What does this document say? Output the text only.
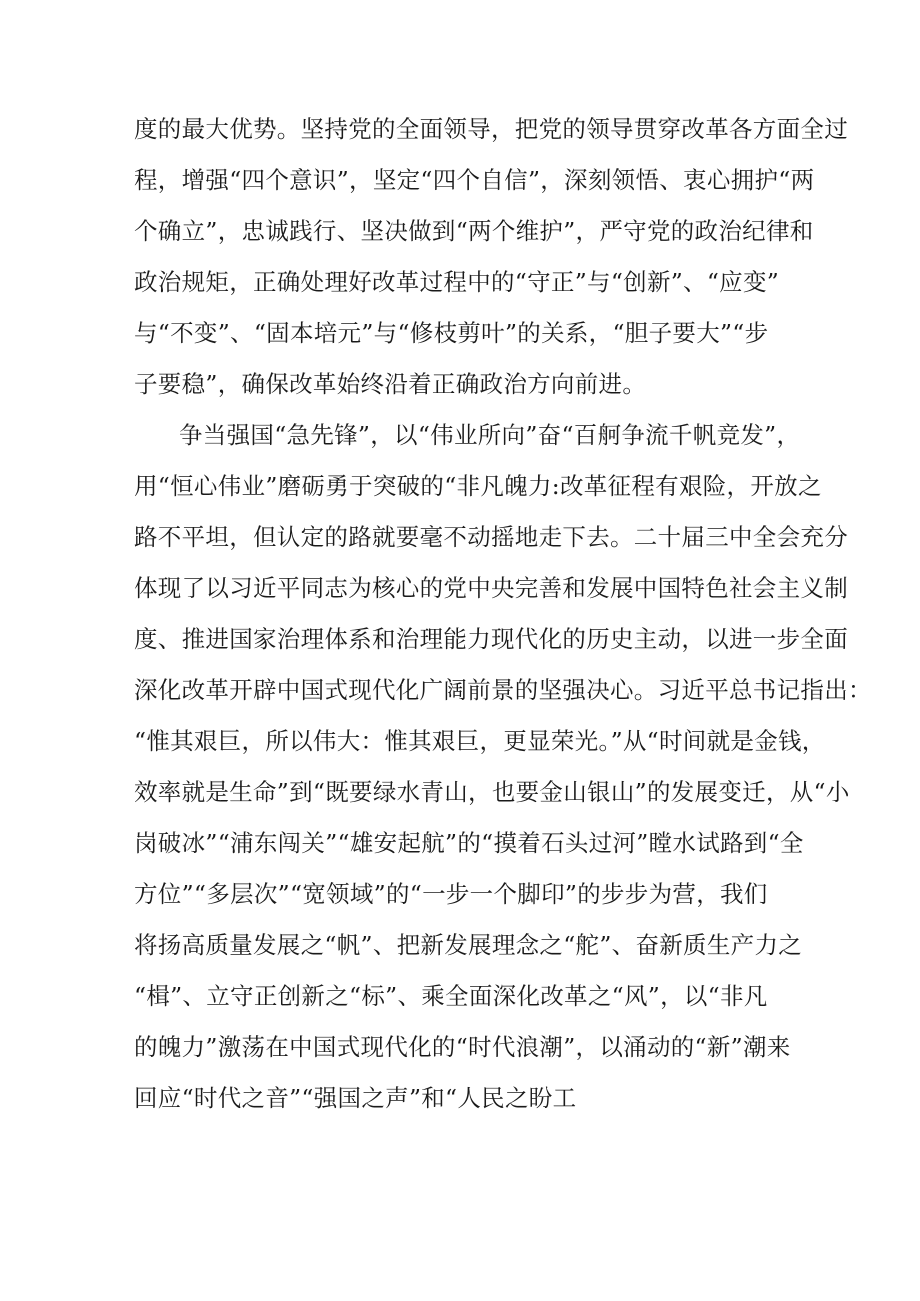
度的最大优势。坚持党的全面领导，把党的领导贯穿改革各方面全过
程，增强“四个意识”，坚定“四个自信”，深刻领悟、衷心拥护“两
个确立”，忠诚践行、坚决做到“两个维护”，严守党的政治纪律和
政治规矩，正确处理好改革过程中的“守正”与“创新”、“应变”
与“不变”、“固本培元”与“修枝剪叶”的关系，“胆子要大”“步
子要稳”，确保改革始终沿着正确政治方向前进。
争当强国“急先锋”，以“伟业所向”奋“百舸争流千帆竞发”，
用“恒心伟业”磨砺勇于突破的“非凡魄力:改革征程有艰险，开放之
路不平坦，但认定的路就要毫不动摇地走下去。二十届三中全会充分
体现了以习近平同志为核心的党中央完善和发展中国特色社会主义制
度、推进国家治理体系和治理能力现代化的历史主动，以进一步全面
深化改革开辟中国式现代化广阔前景的坚强决心。习近平总书记指出：
“惟其艰巨，所以伟大：惟其艰巨，更显荣光。”从“时间就是金钱，
效率就是生命”到“既要绿水青山，也要金山银山”的发展变迁，从“小
岗破冰”“浦东闯关”“雄安起航”的“摸着石头过河”瞠水试路到“全
方位”“多层次”“宽领域”的“一步一个脚印”的步步为营，我们
将扬高质量发展之“帆”、把新发展理念之“舵”、奋新质生产力之
“楫”、立守正创新之“标”、乘全面深化改革之“风”，以“非凡
的魄力”激荡在中国式现代化的“时代浪潮”，以涌动的“新”潮来
回应“时代之音”“强国之声”和“人民之盼工
